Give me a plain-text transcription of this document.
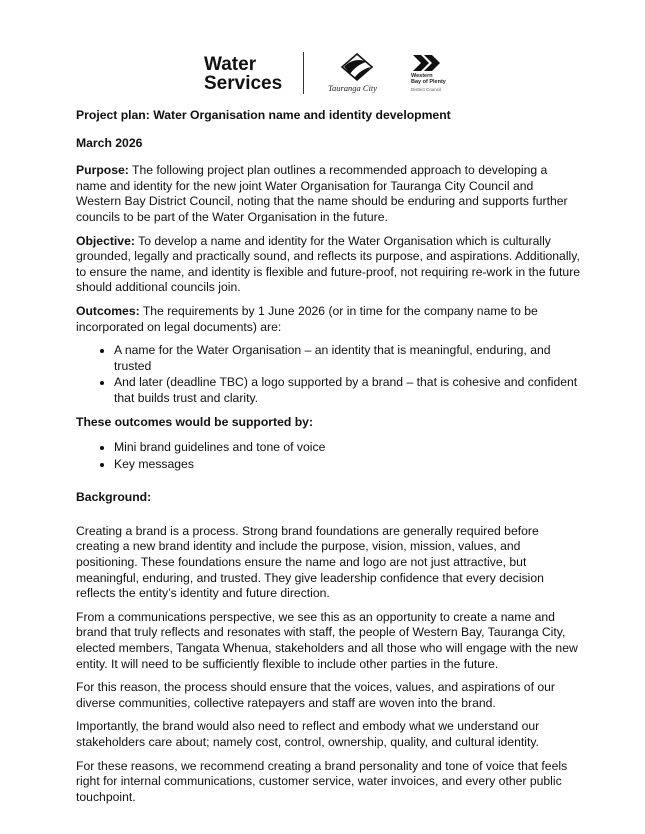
Water
Services	Tauranga City
Western
Bay of Plenty
District Council

Project plan: Water Organisation name and identity development

March 2026

Purpose: The following project plan outlines a recommended approach to developing a name and identity for the new joint Water Organisation for Tauranga City Council and Western Bay District Council, noting that the name should be enduring and supports further councils to be part of the Water Organisation in the future.

Objective: To develop a name and identity for the Water Organisation which is culturally grounded, legally and practically sound, and reflects its purpose, and aspirations. Additionally, to ensure the name, and identity is flexible and future-proof, not requiring re-work in the future should additional councils join.

Outcomes: The requirements by 1 June 2026 (or in time for the company name to be incorporated on legal documents) are:

• A name for the Water Organisation – an identity that is meaningful, enduring, and trusted
• And later (deadline TBC) a logo supported by a brand – that is cohesive and confident that builds trust and clarity.

These outcomes would be supported by:

• Mini brand guidelines and tone of voice
• Key messages

Background:

Creating a brand is a process. Strong brand foundations are generally required before creating a new brand identity and include the purpose, vision, mission, values, and positioning. These foundations ensure the name and logo are not just attractive, but meaningful, enduring, and trusted. They give leadership confidence that every decision reflects the entity’s identity and future direction.

From a communications perspective, we see this as an opportunity to create a name and brand that truly reflects and resonates with staff, the people of Western Bay, Tauranga City, elected members, Tangata Whenua, stakeholders and all those who will engage with the new entity. It will need to be sufficiently flexible to include other parties in the future.

For this reason, the process should ensure that the voices, values, and aspirations of our diverse communities, collective ratepayers and staff are woven into the brand.

Importantly, the brand would also need to reflect and embody what we understand our stakeholders care about; namely cost, control, ownership, quality, and cultural identity.

For these reasons, we recommend creating a brand personality and tone of voice that feels right for internal communications, customer service, water invoices, and every other public touchpoint.
